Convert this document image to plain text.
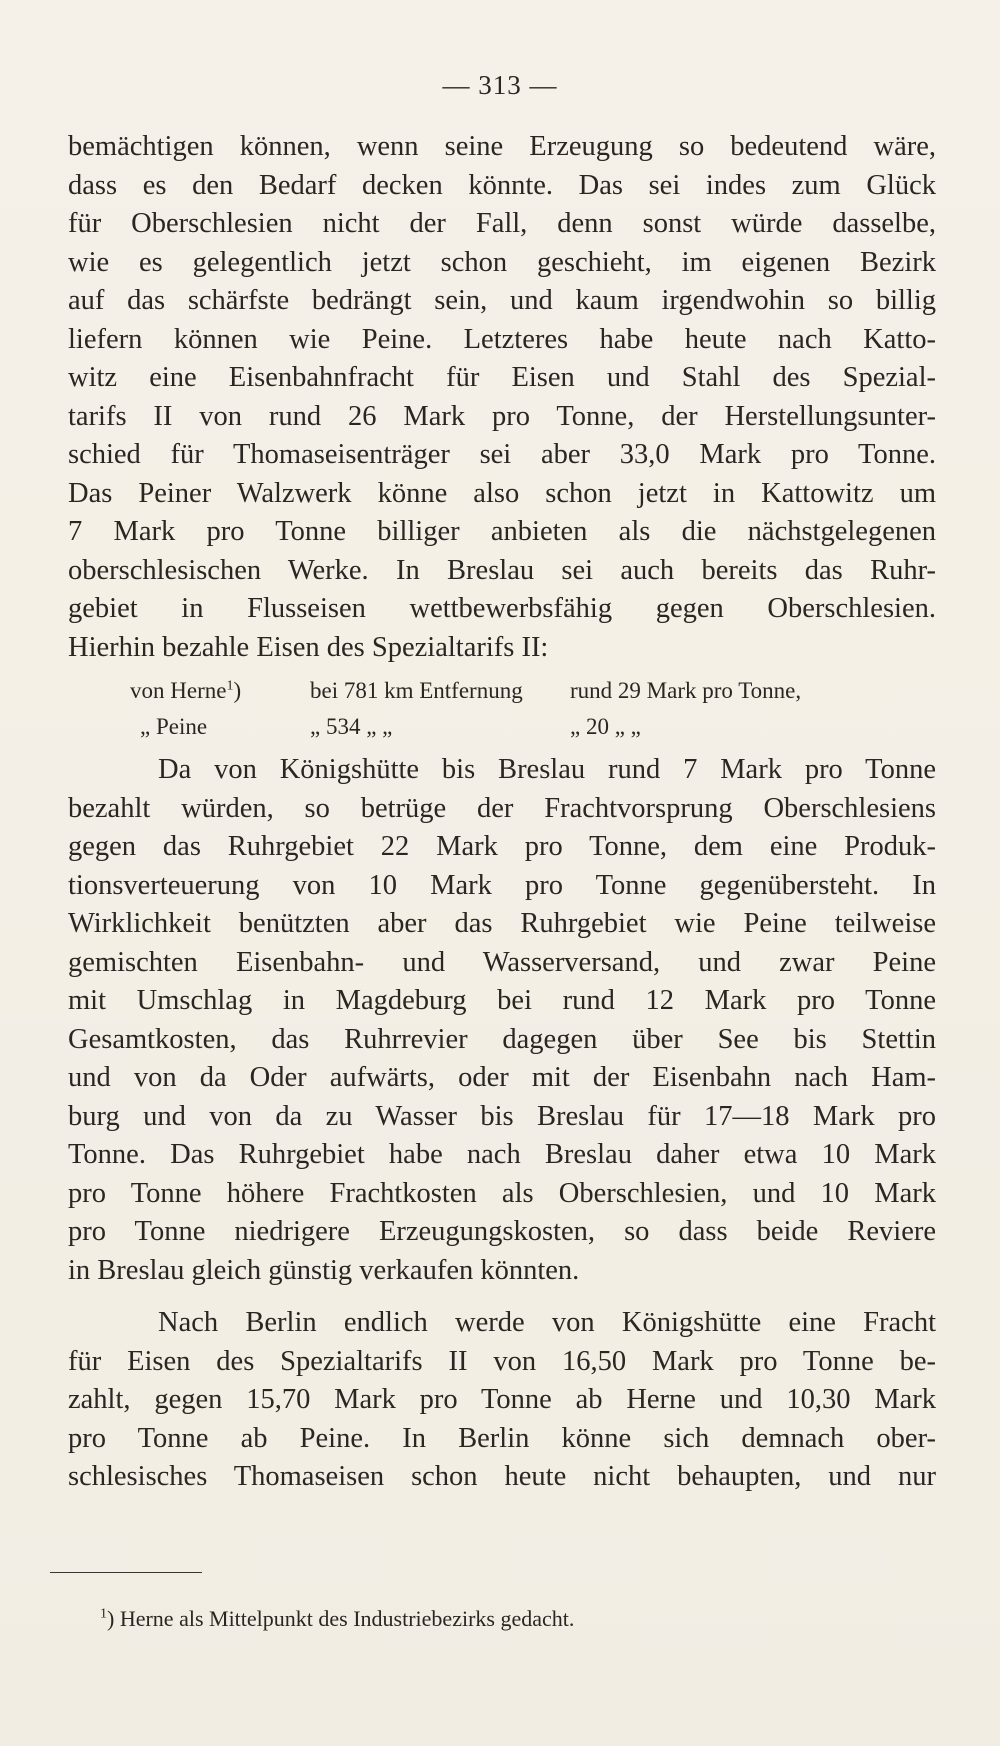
— 313 —
bemächtigen können, wenn seine Erzeugung so bedeutend wäre,
dass es den Bedarf decken könnte. Das sei indes zum Glück
für Oberschlesien nicht der Fall, denn sonst würde dasselbe,
wie es gelegentlich jetzt schon geschieht, im eigenen Bezirk
auf das schärfste bedrängt sein, und kaum irgendwohin so billig
liefern können wie Peine. Letzteres habe heute nach Katto-
witz eine Eisenbahnfracht für Eisen und Stahl des Spezial-
tarifs II von rund 26 Mark pro Tonne, der Herstellungsunter-
schied für Thomaseisenträger sei aber 33,0 Mark pro Tonne.
Das Peiner Walzwerk könne also schon jetzt in Kattowitz um
7 Mark pro Tonne billiger anbieten als die nächstgelegenen
oberschlesischen Werke. In Breslau sei auch bereits das Ruhr-
gebiet in Flusseisen wettbewerbsfähig gegen Oberschlesien.
Hierhin bezahle Eisen des Spezialtarifs II:
von Herne$^1$)	bei 781 km Entfernung	rund 29 Mark pro Tonne,
„ Peine	„ 534 „ „	„ 20 „ „
Da von Königshütte bis Breslau rund 7 Mark pro Tonne
bezahlt würden, so betrüge der Frachtvorsprung Oberschlesiens
gegen das Ruhrgebiet 22 Mark pro Tonne, dem eine Produk-
tionsverteuerung von 10 Mark pro Tonne gegenübersteht. In
Wirklichkeit benützten aber das Ruhrgebiet wie Peine teilweise
gemischten Eisenbahn- und Wasserversand, und zwar Peine
mit Umschlag in Magdeburg bei rund 12 Mark pro Tonne
Gesamtkosten, das Ruhrrevier dagegen über See bis Stettin
und von da Oder aufwärts, oder mit der Eisenbahn nach Ham-
burg und von da zu Wasser bis Breslau für 17—18 Mark pro
Tonne. Das Ruhrgebiet habe nach Breslau daher etwa 10 Mark
pro Tonne höhere Frachtkosten als Oberschlesien, und 10 Mark
pro Tonne niedrigere Erzeugungskosten, so dass beide Reviere
in Breslau gleich günstig verkaufen könnten.
Nach Berlin endlich werde von Königshütte eine Fracht
für Eisen des Spezialtarifs II von 16,50 Mark pro Tonne be-
zahlt, gegen 15,70 Mark pro Tonne ab Herne und 10,30 Mark
pro Tonne ab Peine. In Berlin könne sich demnach ober-
schlesisches Thomaseisen schon heute nicht behaupten, und nur
$^1$) Herne als Mittelpunkt des Industriebezirks gedacht.
